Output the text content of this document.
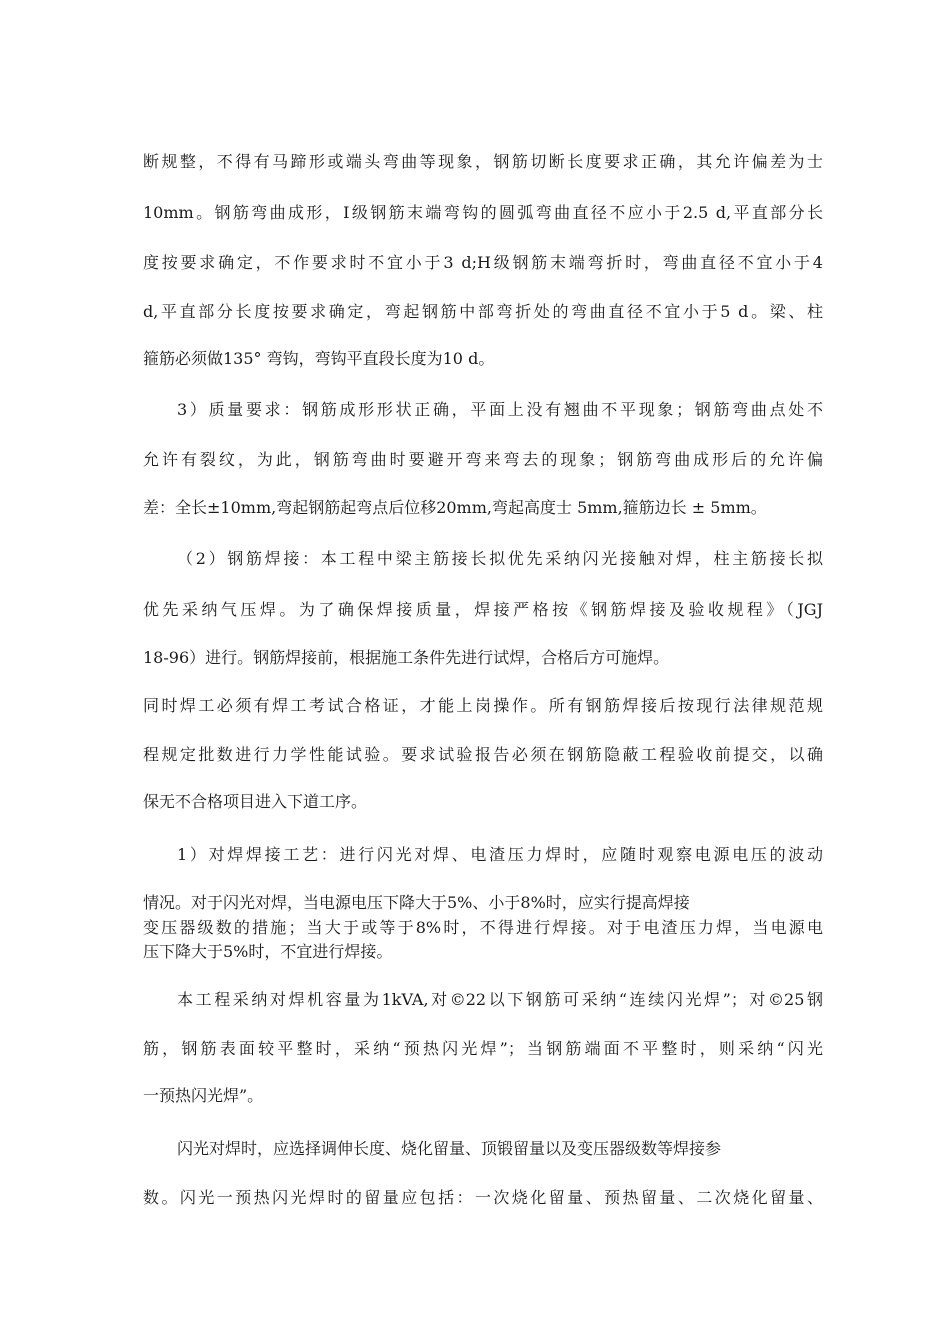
断规整，不得有马蹄形或端头弯曲等现象，钢筋切断长度要求正确，其允许偏差为士
10mm。钢筋弯曲成形，I级钢筋末端弯钩的圆弧弯曲直径不应小于2.5 d,平直部分长
度按要求确定，不作要求时不宜小于3 d;H级钢筋末端弯折时，弯曲直径不宜小于4
d,平直部分长度按要求确定，弯起钢筋中部弯折处的弯曲直径不宜小于5 d。梁、柱
箍筋必须做135° 弯钩，弯钩平直段长度为10 d。
3）质量要求：钢筋成形形状正确，平面上没有翘曲不平现象；钢筋弯曲点处不
允许有裂纹，为此，钢筋弯曲时要避开弯来弯去的现象；钢筋弯曲成形后的允许偏
差：全长±10mm,弯起钢筋起弯点后位移20mm,弯起高度士 5mm,箍筋边长 ± 5mm。
（2）钢筋焊接：本工程中梁主筋接长拟优先采纳闪光接触对焊，柱主筋接长拟
优先采纳气压焊。为了确保焊接质量，焊接严格按《钢筋焊接及验收规程》（JGJ
18-96）进行。钢筋焊接前，根据施工条件先进行试焊，合格后方可施焊。
同时焊工必须有焊工考试合格证，才能上岗操作。所有钢筋焊接后按现行法律规范规
程规定批数进行力学性能试验。要求试验报告必须在钢筋隐蔽工程验收前提交，以确
保无不合格项目进入下道工序。
1）对焊焊接工艺：进行闪光对焊、电渣压力焊时，应随时观察电源电压的波动
情况。对于闪光对焊，当电源电压下降大于5%、小于8%时，应实行提高焊接
变压器级数的措施；当大于或等于8%时，不得进行焊接。对于电渣压力焊，当电源电
压下降大于5%时，不宜进行焊接。
本工程采纳对焊机容量为1kVA,对©22以下钢筋可采纳“连续闪光焊”；对©25钢
筋，钢筋表面较平整时，采纳“预热闪光焊”；当钢筋端面不平整时，则采纳“闪光
一预热闪光焊”。
闪光对焊时，应选择调伸长度、烧化留量、顶锻留量以及变压器级数等焊接参
数。闪光一预热闪光焊时的留量应包括：一次烧化留量、预热留量、二次烧化留量、
